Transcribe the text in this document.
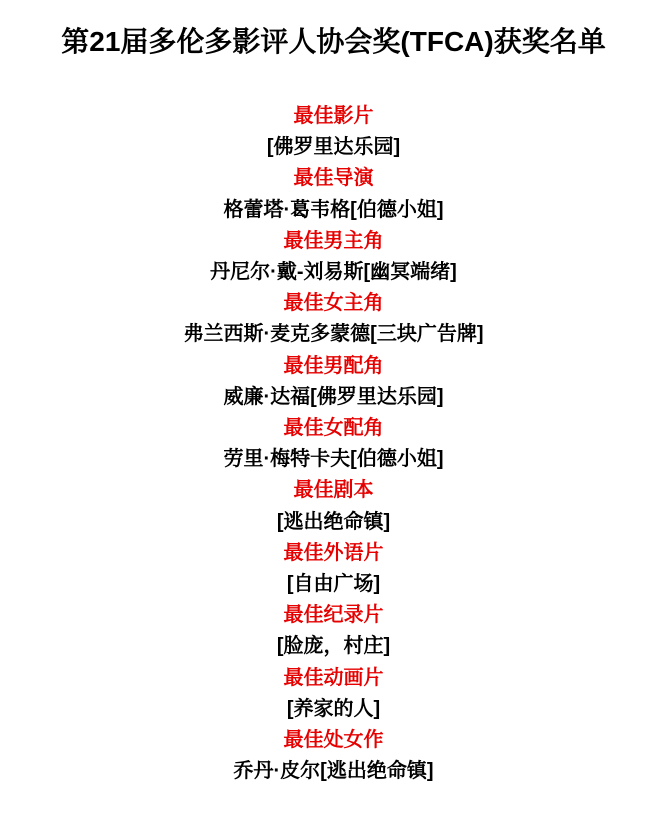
第21届多伦多影评人协会奖(TFCA)获奖名单
最佳影片
[佛罗里达乐园]
最佳导演
格蕾塔·葛韦格[伯德小姐]
最佳男主角
丹尼尔·戴-刘易斯[幽冥端绪]
最佳女主角
弗兰西斯·麦克多蒙德[三块广告牌]
最佳男配角
威廉·达福[佛罗里达乐园]
最佳女配角
劳里·梅特卡夫[伯德小姐]
最佳剧本
[逃出绝命镇]
最佳外语片
[自由广场]
最佳纪录片
[脸庞，村庄]
最佳动画片
[养家的人]
最佳处女作
乔丹·皮尔[逃出绝命镇]
